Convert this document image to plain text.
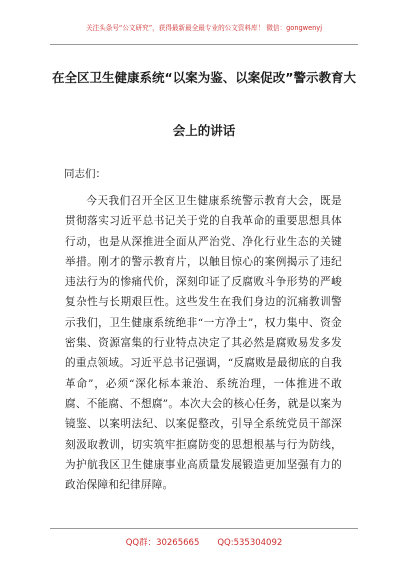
关注头条号“公文研究”，获得最新最全最专业的公文资料库！ 微信：gongwenyj
在全区卫生健康系统“以案为鉴、以案促改”警示教育大
会上的讲话
同志们：

今天我们召开全区卫生健康系统警示教育大会，既是贯彻落实习近平总书记关于党的自我革命的重要思想具体行动，也是从深推进全面从严治党、净化行业生态的关键举措。刚才的警示教育片，以触目惊心的案例揭示了违纪违法行为的惨痛代价，深刻印证了反腐败斗争形势的严峻复杂性与长期艰巨性。这些发生在我们身边的沉痛教训警示我们，卫生健康系统绝非“一方净土”，权力集中、资金密集、资源富集的行业特点决定了其必然是腐败易发多发的重点领域。习近平总书记强调，“反腐败是最彻底的自我革命”，必须“深化标本兼治、系统治理，一体推进不敢腐、不能腐、不想腐”。本次大会的核心任务，就是以案为镜鉴、以案明法纪、以案促整改，引导全系统党员干部深刻汲取教训，切实筑牢拒腐防变的思想根基与行为防线，为护航我区卫生健康事业高质量发展锻造更加坚强有力的政治保障和纪律屏障。

QQ群：30265665 QQ:535304092
